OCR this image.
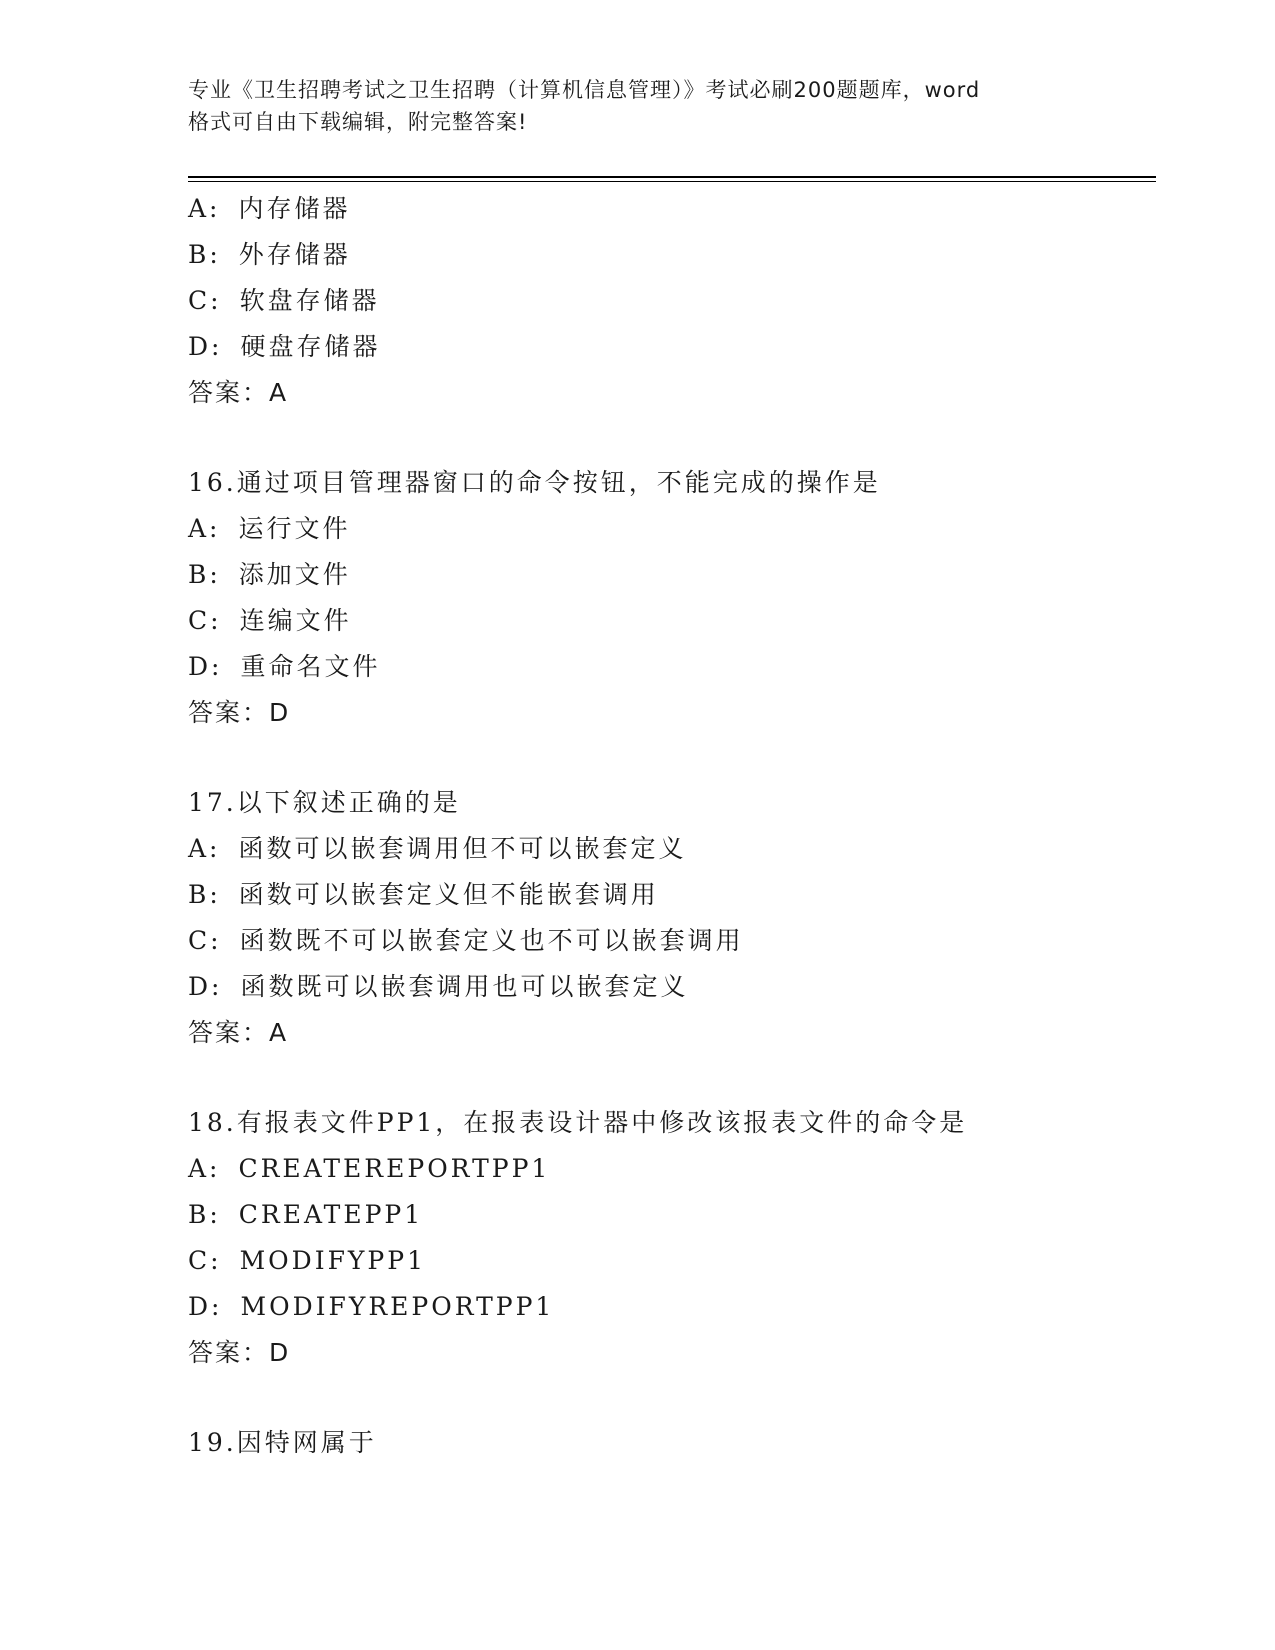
专业《卫生招聘考试之卫生招聘（计算机信息管理）》考试必刷200题题库，word
格式可自由下载编辑，附完整答案!
A: 内存储器
B: 外存储器
C: 软盘存储器
D: 硬盘存储器
答案：A
16.通过项目管理器窗口的命令按钮，不能完成的操作是
A: 运行文件
B: 添加文件
C: 连编文件
D: 重命名文件
答案：D
17.以下叙述正确的是
A: 函数可以嵌套调用但不可以嵌套定义
B: 函数可以嵌套定义但不能嵌套调用
C: 函数既不可以嵌套定义也不可以嵌套调用
D: 函数既可以嵌套调用也可以嵌套定义
答案：A
18.有报表文件PP1，在报表设计器中修改该报表文件的命令是
A: CREATEREPORTPP1
B: CREATEPP1
C: MODIFYPP1
D: MODIFYREPORTPP1
答案：D
19.因特网属于
